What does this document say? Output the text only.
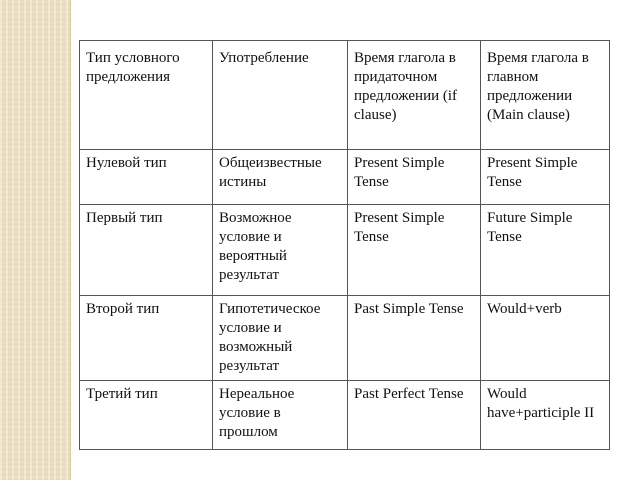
Тип условного предложения	Употребление	Время глагола в придаточном предложении (if clause)	Время глагола в главном предложении (Main clause)
Нулевой тип	Общеизвестные истины	Present Simple Tense	Present Simple Tense
Первый тип	Возможное условие и вероятный результат	Present Simple Tense	Future Simple Tense
Второй тип	Гипотетическое условие и возможный результат	Past Simple Tense	Would+verb
Третий тип	Нереальное условие в прошлом	Past Perfect Tense	Would have+participle II
